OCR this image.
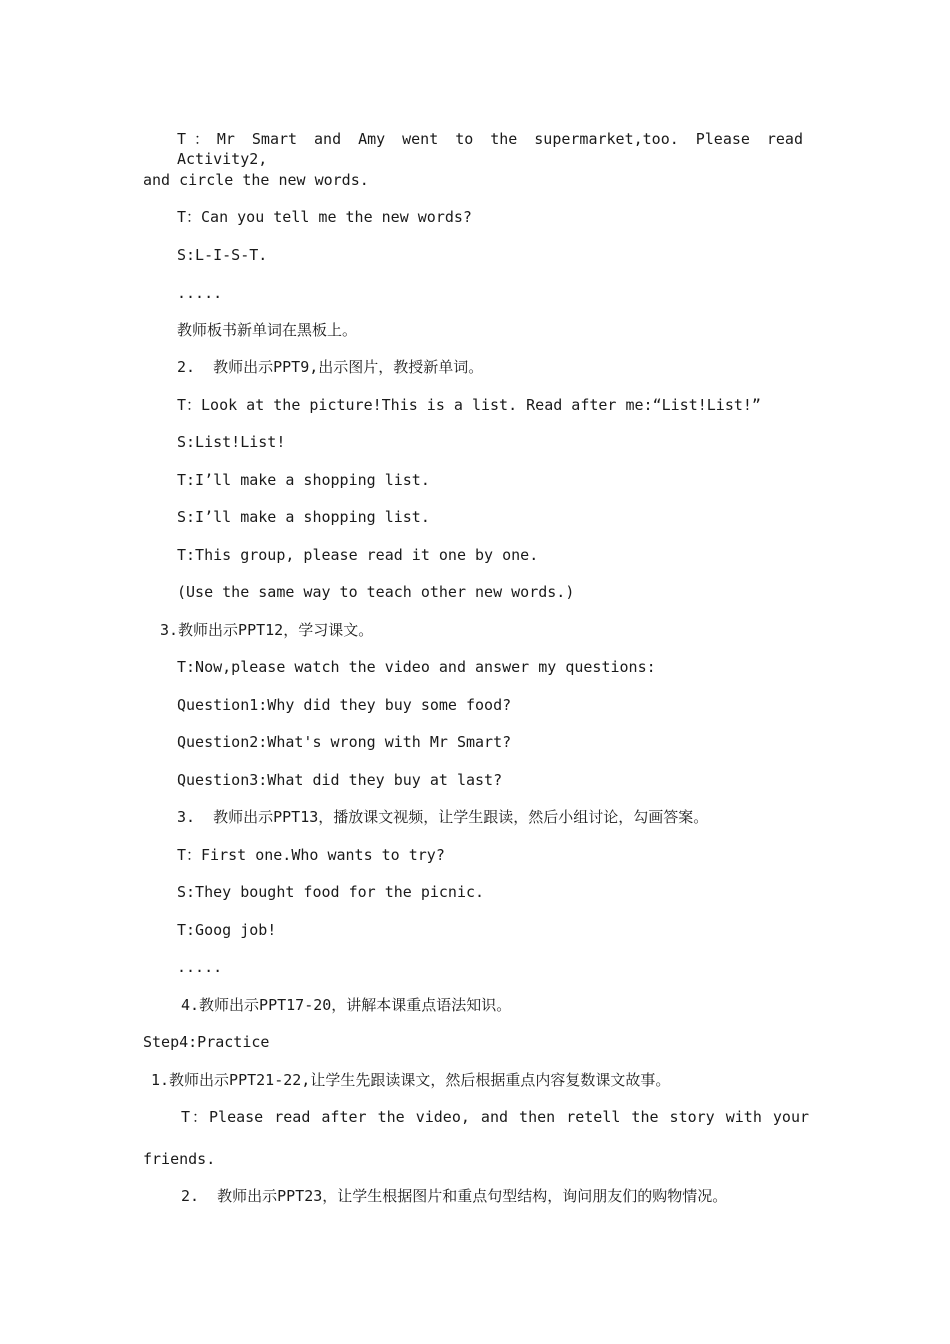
T：Mr Smart and Amy went to the supermarket,too. Please read Activity2,
and circle the new words.
T：Can you tell me the new words?
S:L-I-S-T.
.....
教师板书新单词在黑板上。
2.  教师出示PPT9,出示图片，教授新单词。
T：Look at the picture!This is a list. Read after me:“List!List!”
S:List!List!
T:I’ll make a shopping list.
S:I’ll make a shopping list.
T:This group, please read it one by one.
(Use the same way to teach other new words.)
3.教师出示PPT12，学习课文。
T:Now,please watch the video and answer my questions:
Question1:Why did they buy some food?
Question2:What's wrong with Mr Smart?
Question3:What did they buy at last?
3.  教师出示PPT13，播放课文视频，让学生跟读，然后小组讨论，勾画答案。
T：First one.Who wants to try?
S:They bought food for the picnic.
T:Goog job!
.....
4.教师出示PPT17-20，讲解本课重点语法知识。
Step4:Practice
1.教师出示PPT21-22,让学生先跟读课文，然后根据重点内容复数课文故事。
T：Please read after the video, and then retell the story with your
friends.
2.  教师出示PPT23，让学生根据图片和重点句型结构，询问朋友们的购物情况。
